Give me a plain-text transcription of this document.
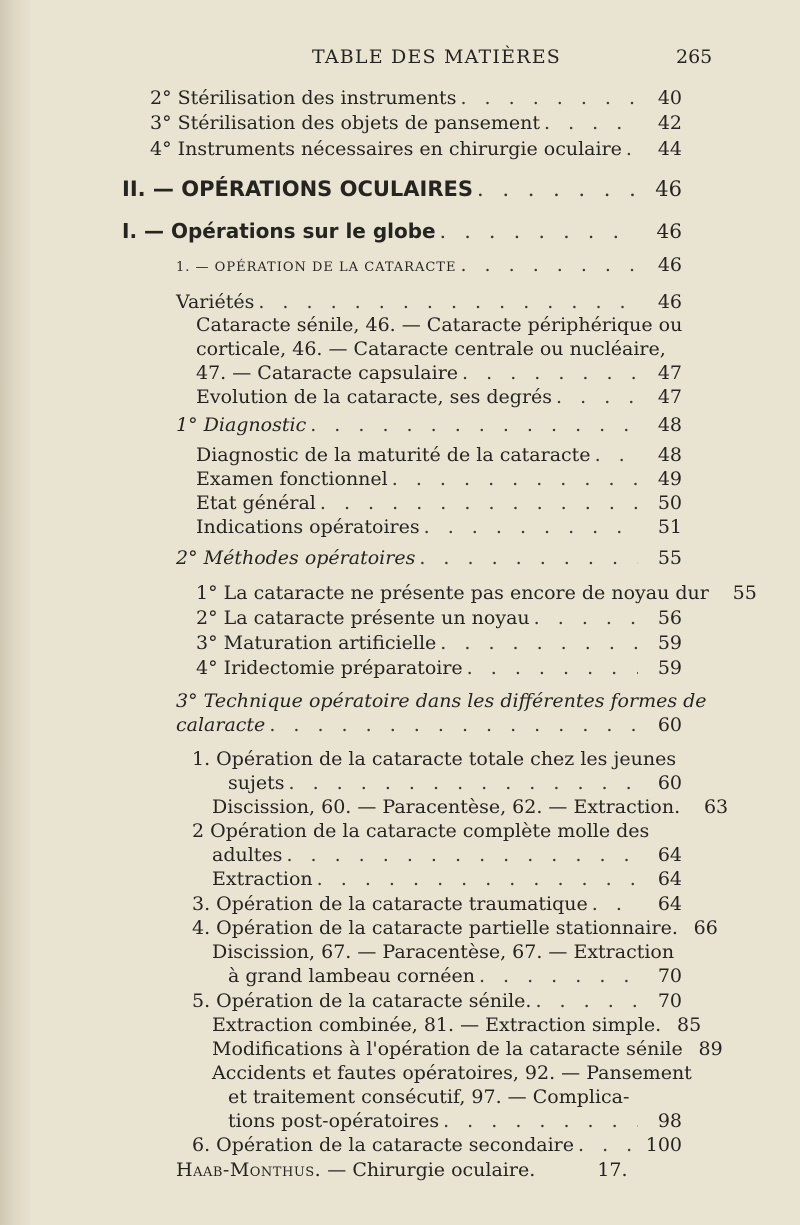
TABLE DES MATIÈRES	265
2° Stérilisation des instruments . . .	40
3° Stérilisation des objets de pansement . . .	42
4° Instruments nécessaires en chirurgie oculaire . . .	44
II. — OPÉRATIONS OCULAIRES . . .	46
I. — Opérations sur le globe . . .	46
1. — OPÉRATION DE LA CATARACTE . . .	46
Variétés . . .	46
Cataracte sénile, 46. — Cataracte périphérique ou
corticale, 46. — Cataracte centrale ou nucléaire,
47. — Cataracte capsulaire . . .	47
Evolution de la cataracte, ses degrés . . .	47
1° Diagnostic . . .	48
Diagnostic de la maturité de la cataracte . . .	48
Examen fonctionnel . . .	49
Etat général . . .	50
Indications opératoires . . .	51
2° Méthodes opératoires . . .	55
1° La cataracte ne présente pas encore de noyau dur	55
2° La cataracte présente un noyau . . .	56
3° Maturation artificielle . . .	59
4° Iridectomie préparatoire . . .	59
3° Technique opératoire dans les différentes formes de
calaracte . . .	60
1. Opération de la cataracte totale chez les jeunes
sujets . . .	60
Discission, 60. — Paracentèse, 62. — Extraction.	63
2 Opération de la cataracte complète molle des
adultes . . .	64
Extraction . . .	64
3. Opération de la cataracte traumatique . . .	64
4. Opération de la cataracte partielle stationnaire. 66
Discission, 67. — Paracentèse, 67. — Extraction
à grand lambeau cornéen . . .	70
5. Opération de la cataracte sénile. . . .	70
Extraction combinée, 81. — Extraction simple. 85
Modifications à l'opération de la cataracte sénile 89
Accidents et fautes opératoires, 92. — Pansement
et traitement consécutif, 97. — Complica-
tions post-opératoires . . .	98
6. Opération de la cataracte secondaire . . .	100
Haab-Monthus. — Chirurgie oculaire.	17.
